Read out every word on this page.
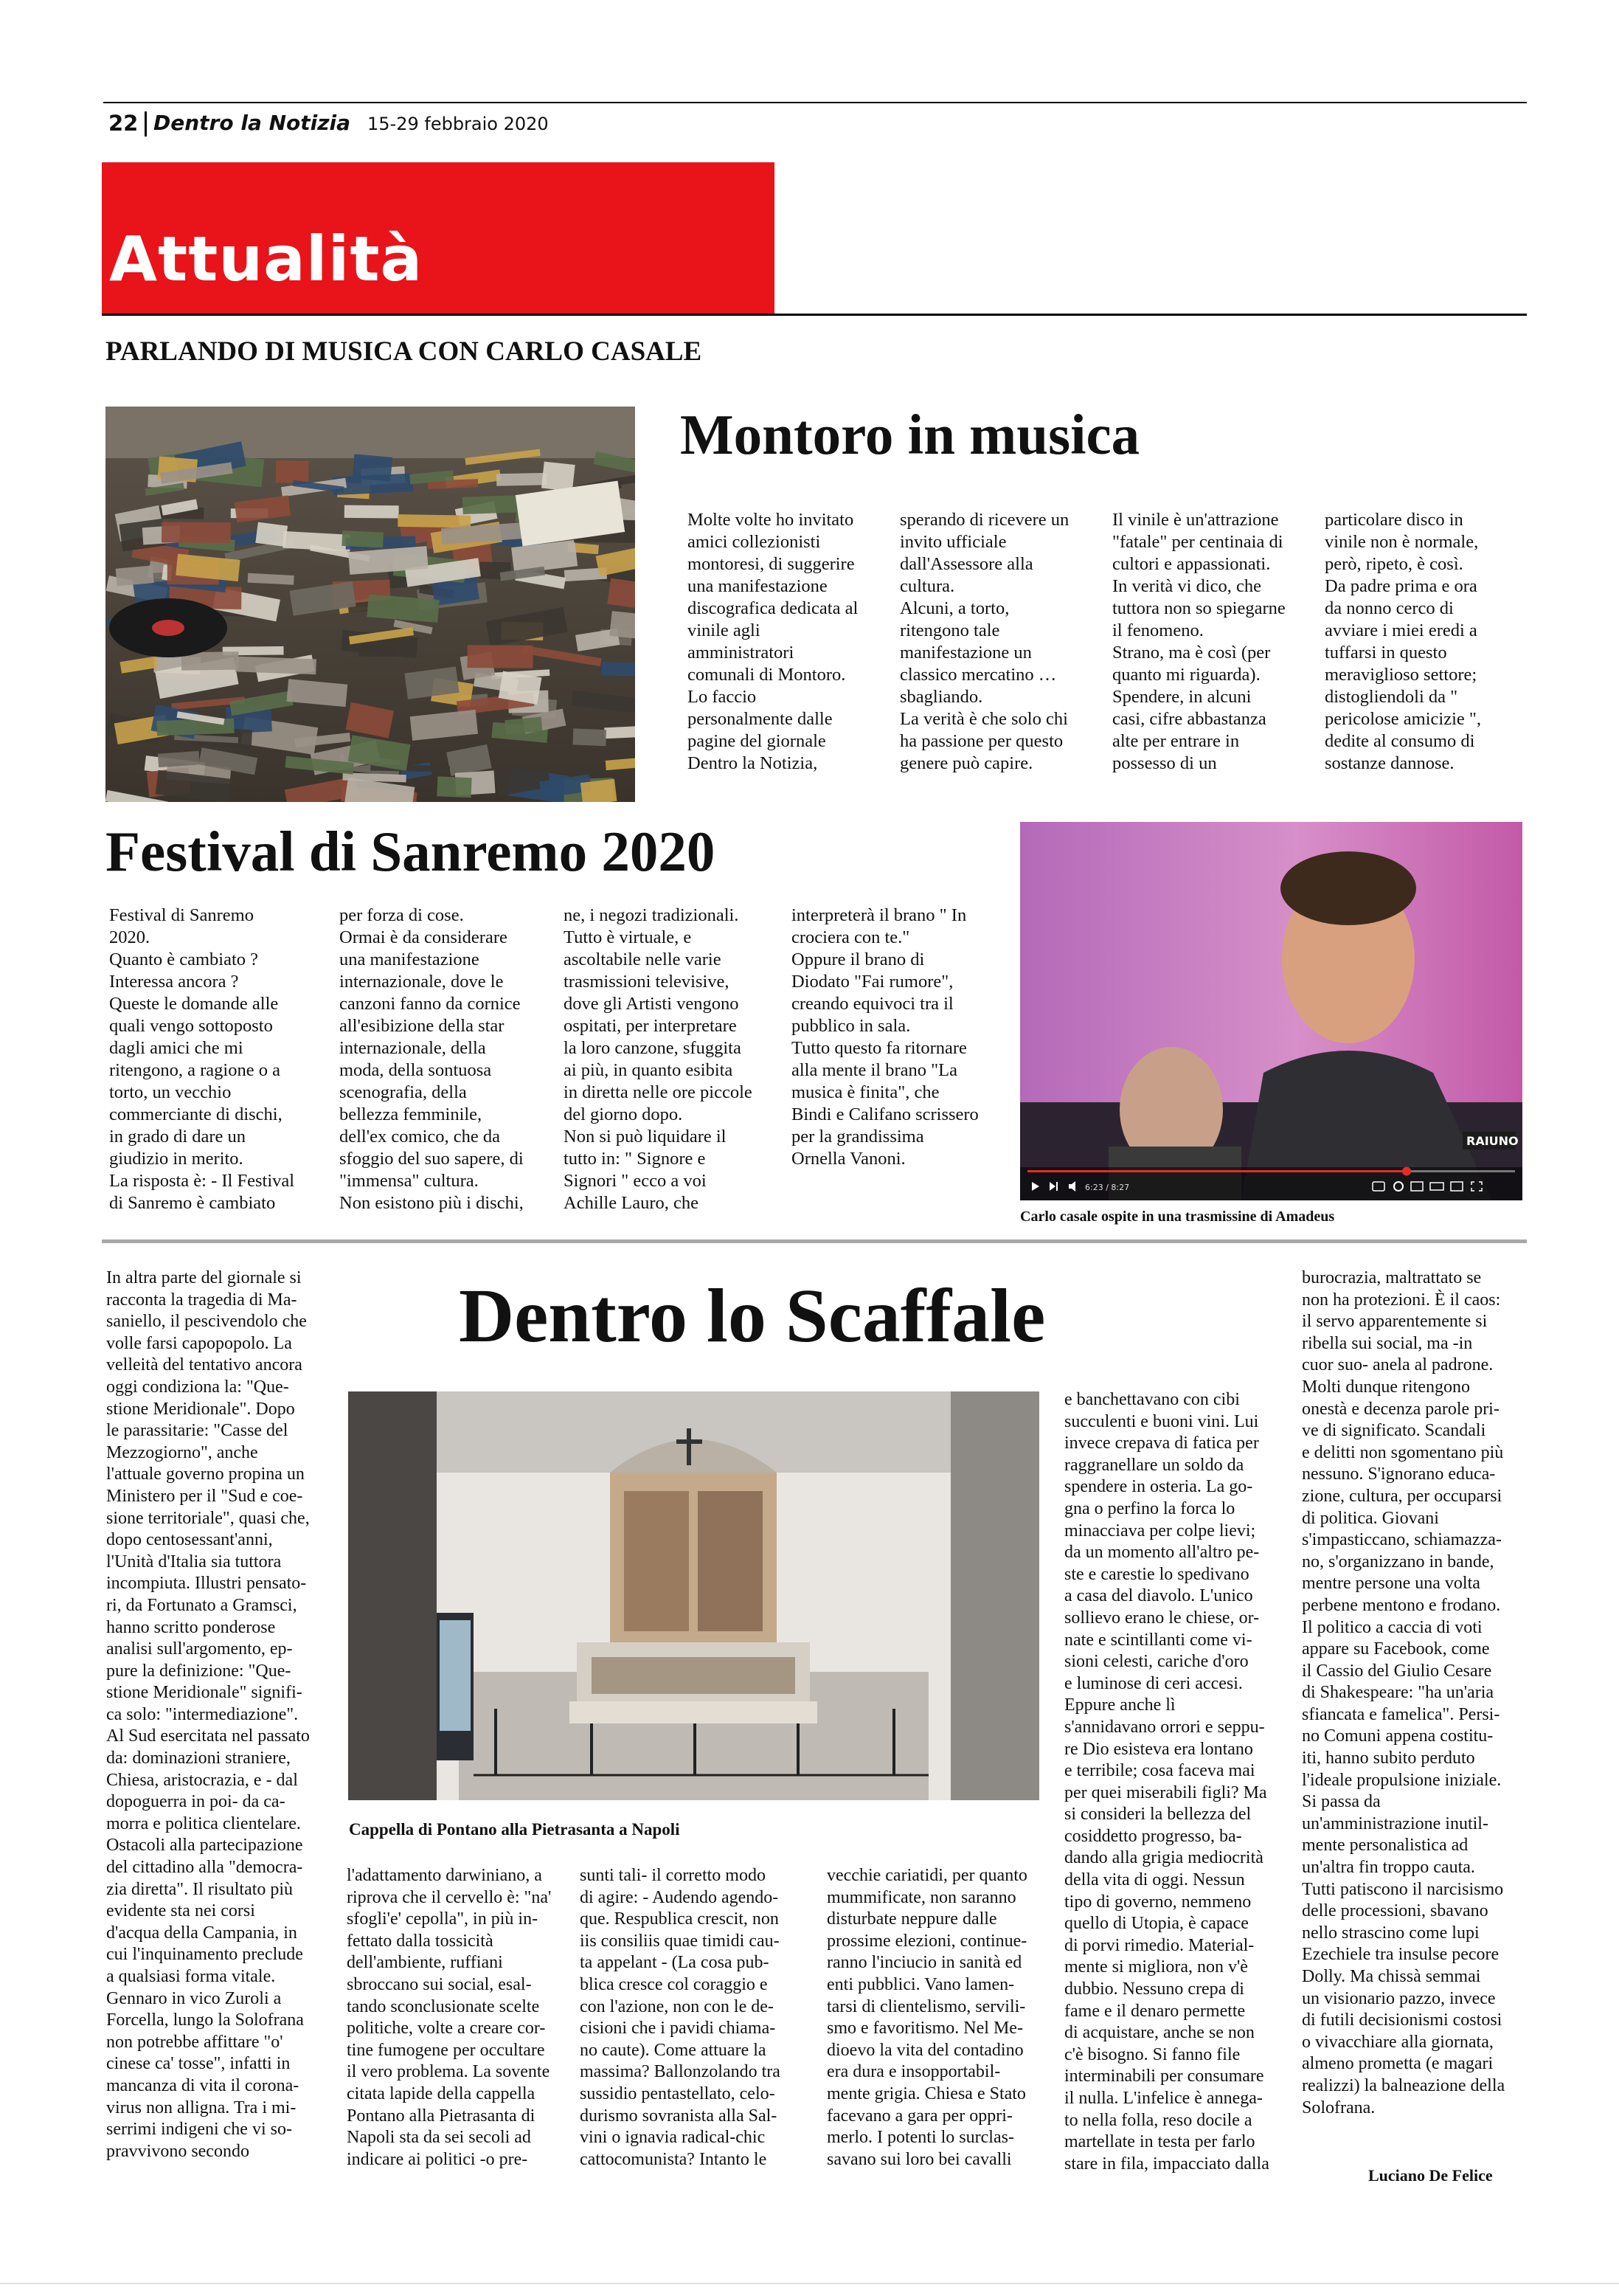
22 Dentro la Notizia 15-29 febbraio 2020
Attualità
PARLANDO DI MUSICA CON CARLO CASALE
Montoro in musica
Molte volte ho invitato
amici collezionisti
montoresi, di suggerire
una manifestazione
discografica dedicata al
vinile agli
amministratori
comunali di Montoro.
Lo faccio
personalmente dalle
pagine del giornale
Dentro la Notizia,
sperando di ricevere un
invito ufficiale
dall'Assessore alla
cultura.
Alcuni, a torto,
ritengono tale
manifestazione un
classico mercatino …
sbagliando.
La verità è che solo chi
ha passione per questo
genere può capire.
Il vinile è un'attrazione
"fatale" per centinaia di
cultori e appassionati.
In verità vi dico, che
tuttora non so spiegarne
il fenomeno.
Strano, ma è così (per
quanto mi riguarda).
Spendere, in alcuni
casi, cifre abbastanza
alte per entrare in
possesso di un
particolare disco in
vinile non è normale,
però, ripeto, è così.
Da padre prima e ora
da nonno cerco di
avviare i miei eredi a
tuffarsi in questo
meraviglioso settore;
distogliendoli da "
pericolose amicizie ",
dedite al consumo di
sostanze dannose.
Festival di Sanremo 2020
Festival di Sanremo
2020.
Quanto è cambiato ?
Interessa ancora ?
Queste le domande alle
quali vengo sottoposto
dagli amici che mi
ritengono, a ragione o a
torto, un vecchio
commerciante di dischi,
in grado di dare un
giudizio in merito.
La risposta è: - Il Festival
di Sanremo è cambiato
per forza di cose.
Ormai è da considerare
una manifestazione
internazionale, dove le
canzoni fanno da cornice
all'esibizione della star
internazionale, della
moda, della sontuosa
scenografia, della
bellezza femminile,
dell'ex comico, che da
sfoggio del suo sapere, di
"immensa" cultura.
Non esistono più i dischi,
ne, i negozi tradizionali.
Tutto è virtuale, e
ascoltabile nelle varie
trasmissioni televisive,
dove gli Artisti vengono
ospitati, per interpretare
la loro canzone, sfuggita
ai più, in quanto esibita
in diretta nelle ore piccole
del giorno dopo.
Non si può liquidare il
tutto in: " Signore e
Signori " ecco a voi
Achille Lauro, che
interpreterà il brano " In
crociera con te."
Oppure il brano di
Diodato "Fai rumore",
creando equivoci tra il
pubblico in sala.
Tutto questo fa ritornare
alla mente il brano "La
musica è finita", che
Bindi e Califano scrissero
per la grandissima
Ornella Vanoni.
RAIUNO
6:23 / 8:27
Carlo casale ospite in una trasmissine di Amadeus
Dentro lo Scaffale
In altra parte del giornale si
racconta la tragedia di Ma-
saniello, il pescivendolo che
volle farsi capopopolo. La
velleità del tentativo ancora
oggi condiziona la: "Que-
stione Meridionale". Dopo
le parassitarie: "Casse del
Mezzogiorno", anche
l'attuale governo propina un
Ministero per il "Sud e coe-
sione territoriale", quasi che,
dopo centosessant'anni,
l'Unità d'Italia sia tuttora
incompiuta. Illustri pensato-
ri, da Fortunato a Gramsci,
hanno scritto ponderose
analisi sull'argomento, ep-
pure la definizione: "Que-
stione Meridionale" signifi-
ca solo: "intermediazione".
Al Sud esercitata nel passato
da: dominazioni straniere,
Chiesa, aristocrazia, e - dal
dopoguerra in poi- da ca-
morra e politica clientelare.
Ostacoli alla partecipazione
del cittadino alla "democra-
zia diretta". Il risultato più
evidente sta nei corsi
d'acqua della Campania, in
cui l'inquinamento preclude
a qualsiasi forma vitale.
Gennaro in vico Zuroli a
Forcella, lungo la Solofrana
non potrebbe affittare "o'
cinese ca' tosse", infatti in
mancanza di vita il corona-
virus non alligna. Tra i mi-
serrimi indigeni che vi so-
pravvivono secondo
Cappella di Pontano alla Pietrasanta a Napoli
l'adattamento darwiniano, a
riprova che il cervello è: "na'
sfogli'e' cepolla", in più in-
fettato dalla tossicità
dell'ambiente, ruffiani
sbroccano sui social, esal-
tando sconclusionate scelte
politiche, volte a creare cor-
tine fumogene per occultare
il vero problema. La sovente
citata lapide della cappella
Pontano alla Pietrasanta di
Napoli sta da sei secoli ad
indicare ai politici -o pre-
sunti tali- il corretto modo
di agire: - Audendo agendo-
que. Respublica crescit, non
iis consiliis quae timidi cau-
ta appelant - (La cosa pub-
blica cresce col coraggio e
con l'azione, non con le de-
cisioni che i pavidi chiama-
no caute). Come attuare la
massima? Ballonzolando tra
sussidio pentastellato, celo-
durismo sovranista alla Sal-
vini o ignavia radical-chic
cattocomunista? Intanto le
vecchie cariatidi, per quanto
mummificate, non saranno
disturbate neppure dalle
prossime elezioni, continue-
ranno l'inciucio in sanità ed
enti pubblici. Vano lamen-
tarsi di clientelismo, servili-
smo e favoritismo. Nel Me-
dioevo la vita del contadino
era dura e insopportabil-
mente grigia. Chiesa e Stato
facevano a gara per oppri-
merlo. I potenti lo surclas-
savano sui loro bei cavalli
e banchettavano con cibi
succulenti e buoni vini. Lui
invece crepava di fatica per
raggranellare un soldo da
spendere in osteria. La go-
gna o perfino la forca lo
minacciava per colpe lievi;
da un momento all'altro pe-
ste e carestie lo spedivano
a casa del diavolo. L'unico
sollievo erano le chiese, or-
nate e scintillanti come vi-
sioni celesti, cariche d'oro
e luminose di ceri accesi.
Eppure anche lì
s'annidavano orrori e seppu-
re Dio esisteva era lontano
e terribile; cosa faceva mai
per quei miserabili figli? Ma
si consideri la bellezza del
cosiddetto progresso, ba-
dando alla grigia mediocrità
della vita di oggi. Nessun
tipo di governo, nemmeno
quello di Utopia, è capace
di porvi rimedio. Material-
mente si migliora, non v'è
dubbio. Nessuno crepa di
fame e il denaro permette
di acquistare, anche se non
c'è bisogno. Si fanno file
interminabili per consumare
il nulla. L'infelice è annega-
to nella folla, reso docile a
martellate in testa per farlo
stare in fila, impacciato dalla
burocrazia, maltrattato se
non ha protezioni. È il caos:
il servo apparentemente si
ribella sui social, ma -in
cuor suo- anela al padrone.
Molti dunque ritengono
onestà e decenza parole pri-
ve di significato. Scandali
e delitti non sgomentano più
nessuno. S'ignorano educa-
zione, cultura, per occuparsi
di politica. Giovani
s'impasticcano, schiamazza-
no, s'organizzano in bande,
mentre persone una volta
perbene mentono e frodano.
Il politico a caccia di voti
appare su Facebook, come
il Cassio del Giulio Cesare
di Shakespeare: "ha un'aria
sfiancata e famelica". Persi-
no Comuni appena costitu-
iti, hanno subito perduto
l'ideale propulsione iniziale.
Si passa da
un'amministrazione inutil-
mente personalistica ad
un'altra fin troppo cauta.
Tutti patiscono il narcisismo
delle processioni, sbavano
nello strascino come lupi
Ezechiele tra insulse pecore
Dolly. Ma chissà semmai
un visionario pazzo, invece
di futili decisionismi costosi
o vivacchiare alla giornata,
almeno prometta (e magari
realizzi) la balneazione della
Solofrana.
Luciano De Felice
